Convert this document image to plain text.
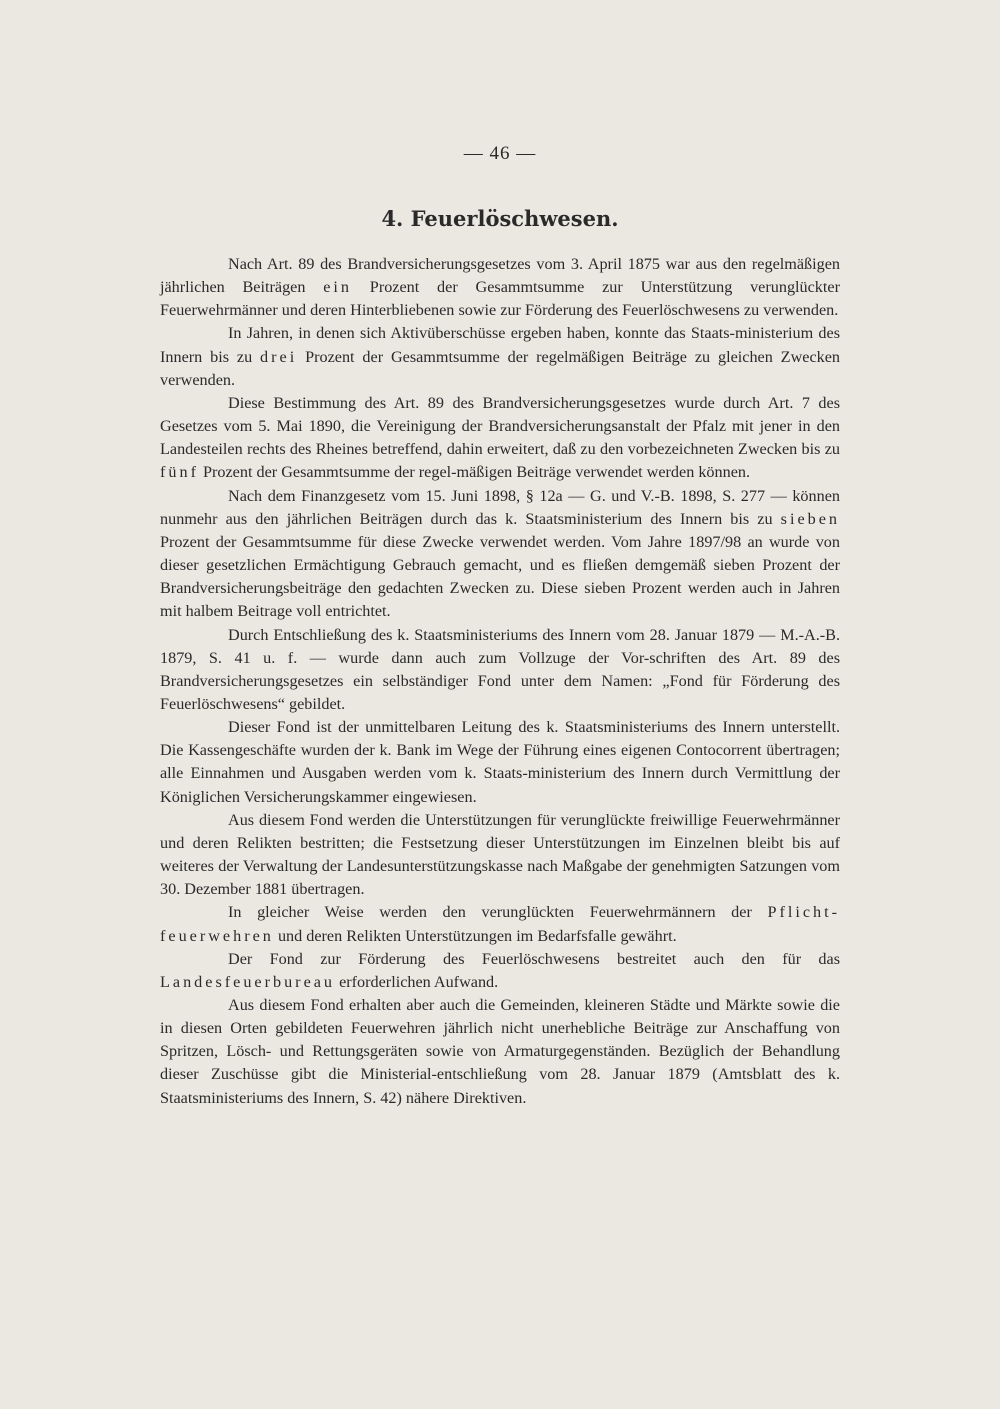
— 46 —
4. Feuerlöschwesen.

Nach Art. 89 des Brandversicherungsgesetzes vom 3. April 1875 war aus den regelmäßigen jährlichen Beiträgen ein Prozent der Gesammtsumme zur Unterstützung verunglückter Feuerwehrmänner und deren Hinterbliebenen sowie zur Förderung des Feuerlöschwesens zu verwenden.

In Jahren, in denen sich Aktivüberschüsse ergeben haben, konnte das Staats-ministerium des Innern bis zu drei Prozent der Gesammtsumme der regelmäßigen Beiträge zu gleichen Zwecken verwenden.

Diese Bestimmung des Art. 89 des Brandversicherungsgesetzes wurde durch Art. 7 des Gesetzes vom 5. Mai 1890, die Vereinigung der Brandversicherungsanstalt der Pfalz mit jener in den Landesteilen rechts des Rheines betreffend, dahin erweitert, daß zu den vorbezeichneten Zwecken bis zu fünf Prozent der Gesammtsumme der regel-mäßigen Beiträge verwendet werden können.

Nach dem Finanzgesetz vom 15. Juni 1898, § 12a — G. und V.-B. 1898, S. 277 — können nunmehr aus den jährlichen Beiträgen durch das k. Staatsministerium des Innern bis zu sieben Prozent der Gesammtsumme für diese Zwecke verwendet werden. Vom Jahre 1897/98 an wurde von dieser gesetzlichen Ermächtigung Gebrauch gemacht, und es fließen demgemäß sieben Prozent der Brandversicherungsbeiträge den gedachten Zwecken zu. Diese sieben Prozent werden auch in Jahren mit halbem Beitrage voll entrichtet.

Durch Entschließung des k. Staatsministeriums des Innern vom 28. Januar 1879 — M.-A.-B. 1879, S. 41 u. f. — wurde dann auch zum Vollzuge der Vor-schriften des Art. 89 des Brandversicherungsgesetzes ein selbständiger Fond unter dem Namen: „Fond für Förderung des Feuerlöschwesens“ gebildet.

Dieser Fond ist der unmittelbaren Leitung des k. Staatsministeriums des Innern unterstellt. Die Kassengeschäfte wurden der k. Bank im Wege der Führung eines eigenen Contocorrent übertragen; alle Einnahmen und Ausgaben werden vom k. Staats-ministerium des Innern durch Vermittlung der Königlichen Versicherungskammer eingewiesen.

Aus diesem Fond werden die Unterstützungen für verunglückte freiwillige Feuerwehrmänner und deren Relikten bestritten; die Festsetzung dieser Unterstützungen im Einzelnen bleibt bis auf weiteres der Verwaltung der Landesunterstützungskasse nach Maßgabe der genehmigten Satzungen vom 30. Dezember 1881 übertragen.

In gleicher Weise werden den verunglückten Feuerwehrmännern der Pflicht-feuerwehren und deren Relikten Unterstützungen im Bedarfsfalle gewährt.

Der Fond zur Förderung des Feuerlöschwesens bestreitet auch den für das Landesfeuerbureau erforderlichen Aufwand.

Aus diesem Fond erhalten aber auch die Gemeinden, kleineren Städte und Märkte sowie die in diesen Orten gebildeten Feuerwehren jährlich nicht unerhebliche Beiträge zur Anschaffung von Spritzen, Lösch- und Rettungsgeräten sowie von Armaturgegenständen. Bezüglich der Behandlung dieser Zuschüsse gibt die Ministerial-entschließung vom 28. Januar 1879 (Amtsblatt des k. Staatsministeriums des Innern, S. 42) nähere Direktiven.
